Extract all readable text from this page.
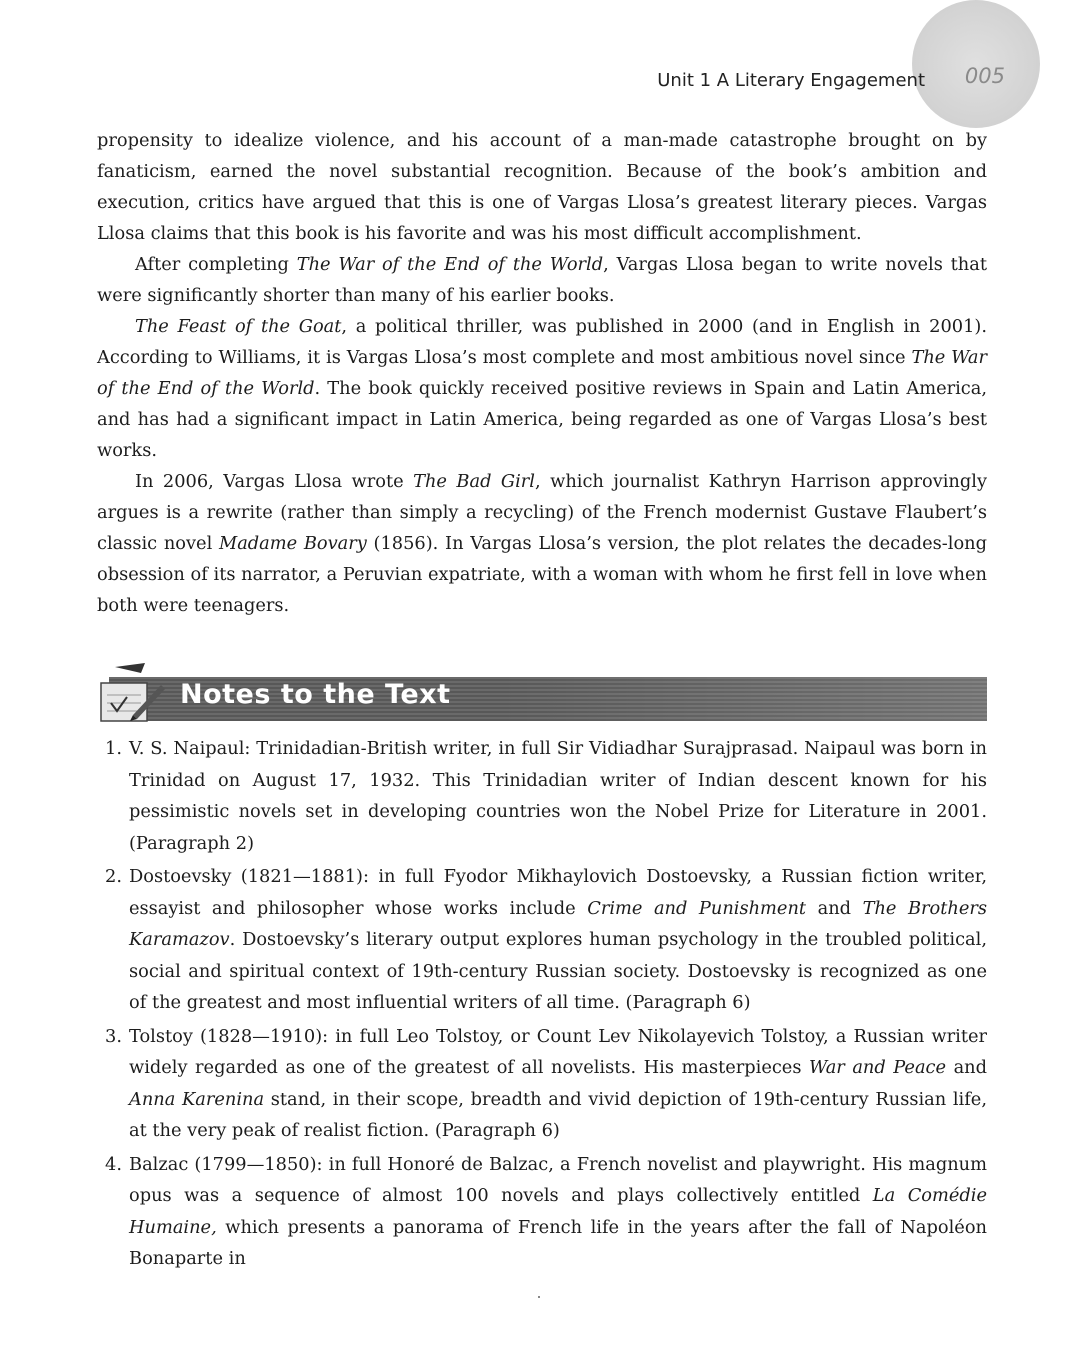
Unit 1 A Literary Engagement 005

propensity to idealize violence, and his account of a man-made catastrophe brought on by fanaticism, earned the novel substantial recognition. Because of the book’s ambition and execution, critics have argued that this is one of Vargas Llosa’s greatest literary pieces. Vargas Llosa claims that this book is his favorite and was his most difficult accomplishment.

After completing The War of the End of the World, Vargas Llosa began to write novels that were significantly shorter than many of his earlier books.

The Feast of the Goat, a political thriller, was published in 2000 (and in English in 2001). According to Williams, it is Vargas Llosa’s most complete and most ambitious novel since The War of the End of the World. The book quickly received positive reviews in Spain and Latin America, and has had a significant impact in Latin America, being regarded as one of Vargas Llosa’s best works.

In 2006, Vargas Llosa wrote The Bad Girl, which journalist Kathryn Harrison approvingly argues is a rewrite (rather than simply a recycling) of the French modernist Gustave Flaubert’s classic novel Madame Bovary (1856). In Vargas Llosa’s version, the plot relates the decades-long obsession of its narrator, a Peruvian expatriate, with a woman with whom he first fell in love when both were teenagers.

Notes to the Text
1. V. S. Naipaul: Trinidadian-British writer, in full Sir Vidiadhar Surajprasad. Naipaul was born in Trinidad on August 17, 1932. This Trinidadian writer of Indian descent known for his pessimistic novels set in developing countries won the Nobel Prize for Literature in 2001. (Paragraph 2)
2. Dostoevsky (1821—1881): in full Fyodor Mikhaylovich Dostoevsky, a Russian fiction writer, essayist and philosopher whose works include Crime and Punishment and The Brothers Karamazov. Dostoevsky’s literary output explores human psychology in the troubled political, social and spiritual context of 19th-century Russian society. Dostoevsky is recognized as one of the greatest and most influential writers of all time. (Paragraph 6)
3. Tolstoy (1828—1910): in full Leo Tolstoy, or Count Lev Nikolayevich Tolstoy, a Russian writer widely regarded as one of the greatest of all novelists. His masterpieces War and Peace and Anna Karenina stand, in their scope, breadth and vivid depiction of 19th-century Russian life, at the very peak of realist fiction. (Paragraph 6)
4. Balzac (1799—1850): in full Honoré de Balzac, a French novelist and playwright. His magnum opus was a sequence of almost 100 novels and plays collectively entitled La Comédie Humaine, which presents a panorama of French life in the years after the fall of Napoléon Bonaparte in
